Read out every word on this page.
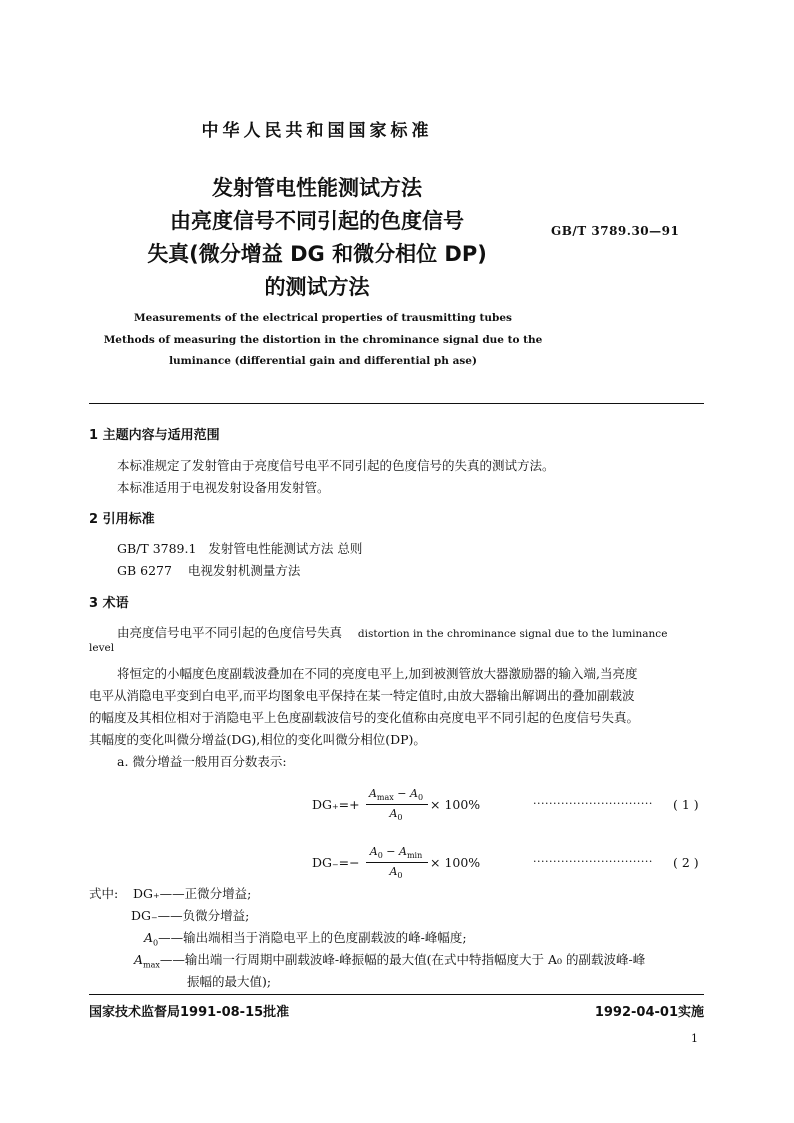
中华人民共和国国家标准
发射管电性能测试方法
由亮度信号不同引起的色度信号
失真(微分增益 DG 和微分相位 DP)
的测试方法
GB/T 3789.30—91
Measurements of the electrical properties of trausmitting tubes
Methods of measuring the distortion in the chrominance signal due to the
luminance (differential gain and differential ph ase)
1 主题内容与适用范围
本标准规定了发射管由于亮度信号电平不同引起的色度信号的失真的测试方法。
本标准适用于电视发射设备用发射管。
2 引用标准
GB/T 3789.1 发射管电性能测试方法 总则
GB 6277 电视发射机测量方法
3 术语
由亮度信号电平不同引起的色度信号失真 distortion in the chrominance signal due to the luminance
level
将恒定的小幅度色度副载波叠加在不同的亮度电平上,加到被测管放大器激励器的输入端,当亮度
电平从消隐电平变到白电平,而平均图象电平保持在某一特定值时,由放大器输出解调出的叠加副载波
的幅度及其相位相对于消隐电平上色度副载波信号的变化值称由亮度电平不同引起的色度信号失真。
其幅度的变化叫微分增益(DG),相位的变化叫微分相位(DP)。
a. 微分增益一般用百分数表示:
DG₊=+
$A_{max} - A_0$
$A_0$
× 100%	······························ ( 1 )
DG₋=−
$A_0 - A_{min}$
$A_0$
× 100%	······························ ( 2 )
式中: DG₊——正微分增益;
DG₋——负微分增益;
$A_0——$输出端相当于消隐电平上的色度副载波的峰-峰幅度;
$A_{max}——$输出端一行周期中副载波峰-峰振幅的最大值(在式中特指幅度大于 A₀ 的副载波峰-峰
振幅的最大值);
国家技术监督局1991-08-15批准	1992-04-01实施
1
